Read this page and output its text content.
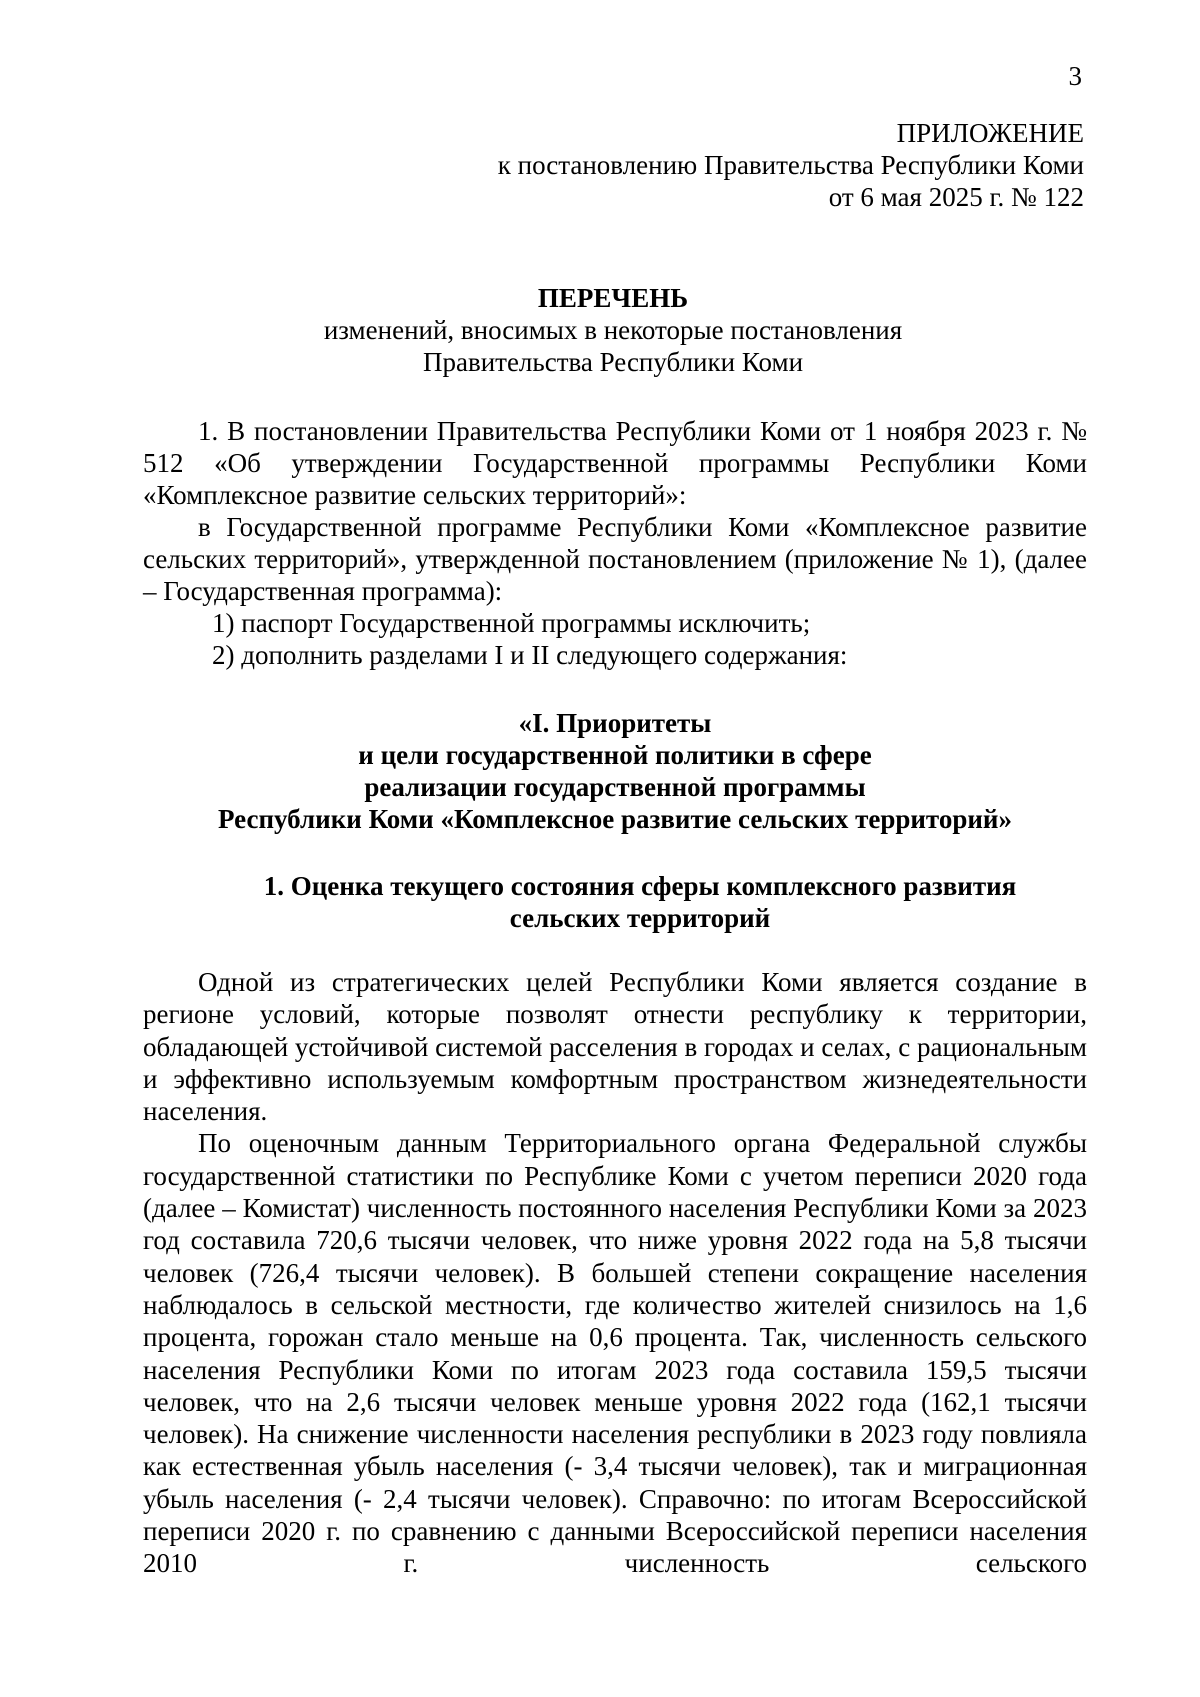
3
ПРИЛОЖЕНИЕ
к постановлению Правительства Республики Коми
от 6 мая 2025 г. № 122
ПЕРЕЧЕНЬ
изменений, вносимых в некоторые постановления
Правительства Республики Коми

1. В постановлении Правительства Республики Коми от 1 ноября 2023 г. № 512 «Об утверждении Государственной программы Республики Коми «Комплексное развитие сельских территорий»:

в Государственной программе Республики Коми «Комплексное развитие сельских территорий», утвержденной постановлением (приложение № 1), (далее – Государственная программа):

1) паспорт Государственной программы исключить;

2) дополнить разделами I и II следующего содержания:

«I. Приоритеты
и цели государственной политики в сфере
реализации государственной программы
Республики Коми «Комплексное развитие сельских территорий»
1. Оценка текущего состояния сферы комплексного развития
сельских территорий

Одной из стратегических целей Республики Коми является создание в регионе условий, которые позволят отнести республику к территории, обладающей устойчивой системой расселения в городах и селах, с рациональным и эффективно используемым комфортным пространством жизнедеятельности населения.

По оценочным данным Территориального органа Федеральной службы государственной статистики по Республике Коми с учетом переписи 2020 года (далее – Комистат) численность постоянного населения Республики Коми за 2023 год составила 720,6 тысячи человек, что ниже уровня 2022 года на 5,8 тысячи человек (726,4 тысячи человек). В большей степени сокращение населения наблюдалось в сельской местности, где количество жителей снизилось на 1,6 процента, горожан стало меньше на 0,6 процента. Так, численность сельского населения Республики Коми по итогам 2023 года составила 159,5 тысячи человек, что на 2,6 тысячи человек меньше уровня 2022 года (162,1 тысячи человек). На снижение численности населения республики в 2023 году повлияла как естественная убыль населения (- 3,4 тысячи человек), так и миграционная убыль населения (- 2,4 тысячи человек). Справочно: по итогам Всероссийской переписи 2020 г. по сравнению с данными Всероссийской переписи населения 2010 г. численность сельского
